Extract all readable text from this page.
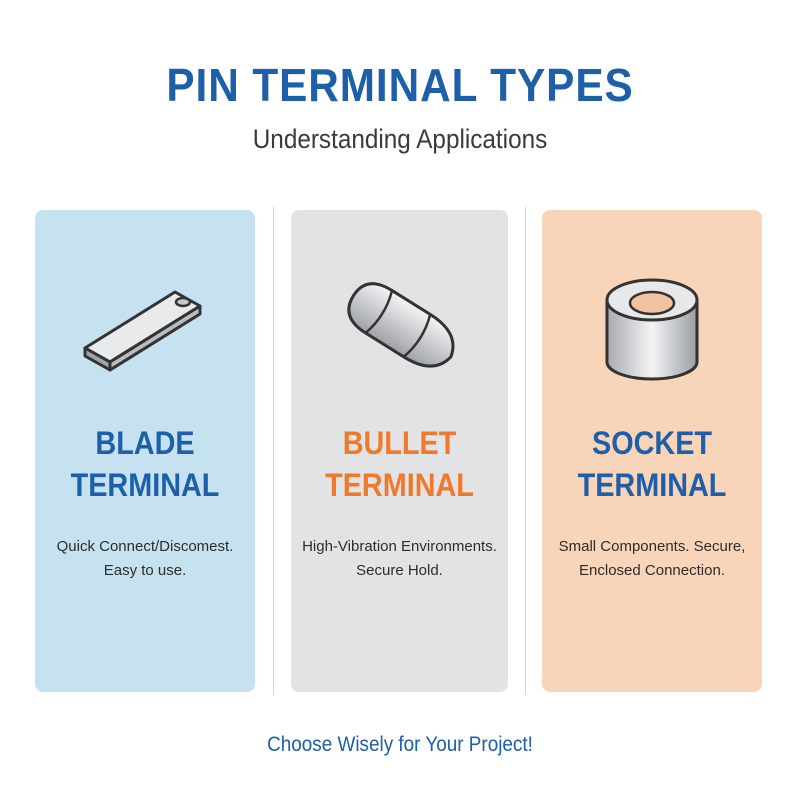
PIN TERMINAL TYPES
Understanding Applications
BLADE
TERMINAL
Quick Connect/Discomest.
Easy to use.
BULLET
TERMINAL
High-Vibration Environments.
Secure Hold.
SOCKET
TERMINAL
Small Components. Secure,
Enclosed Connection.
Choose Wisely for Your Project!
